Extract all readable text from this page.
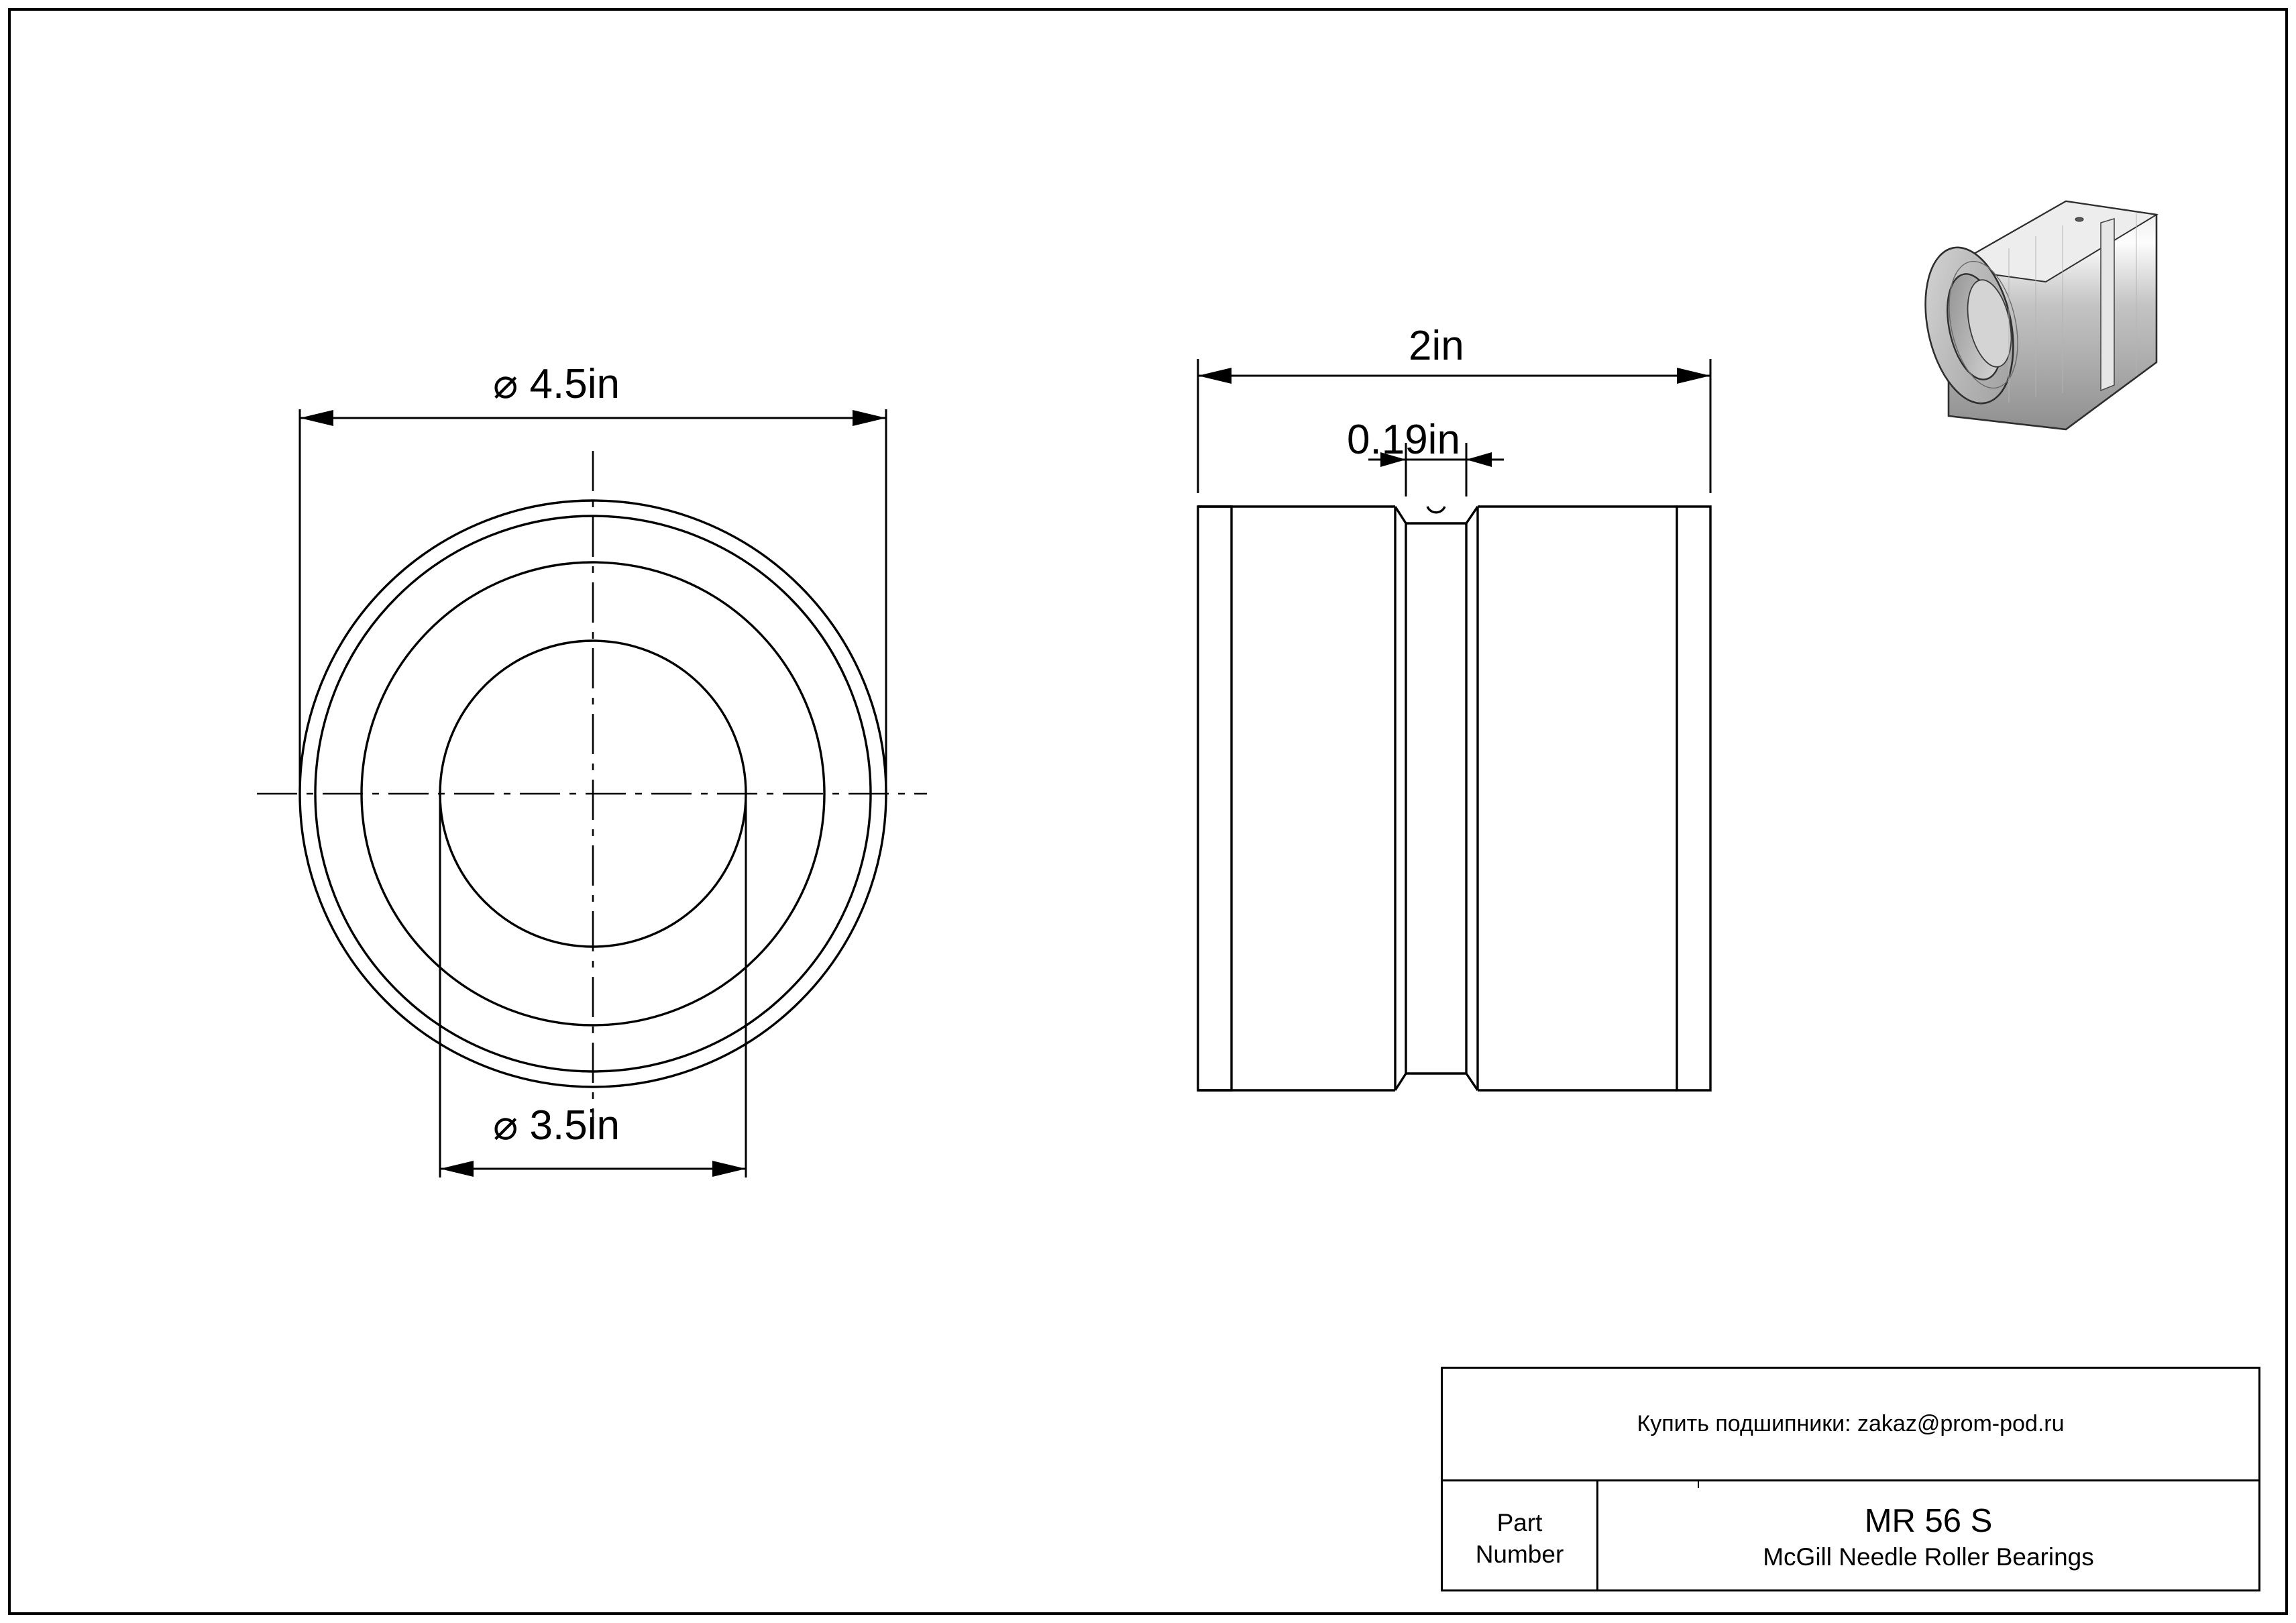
⌀ 4.5in
⌀ 3.5in
2in
0.19in
Купить подшипники: zakaz@prom-pod.ru
Part
Number
MR 56 S
McGill Needle Roller Bearings
